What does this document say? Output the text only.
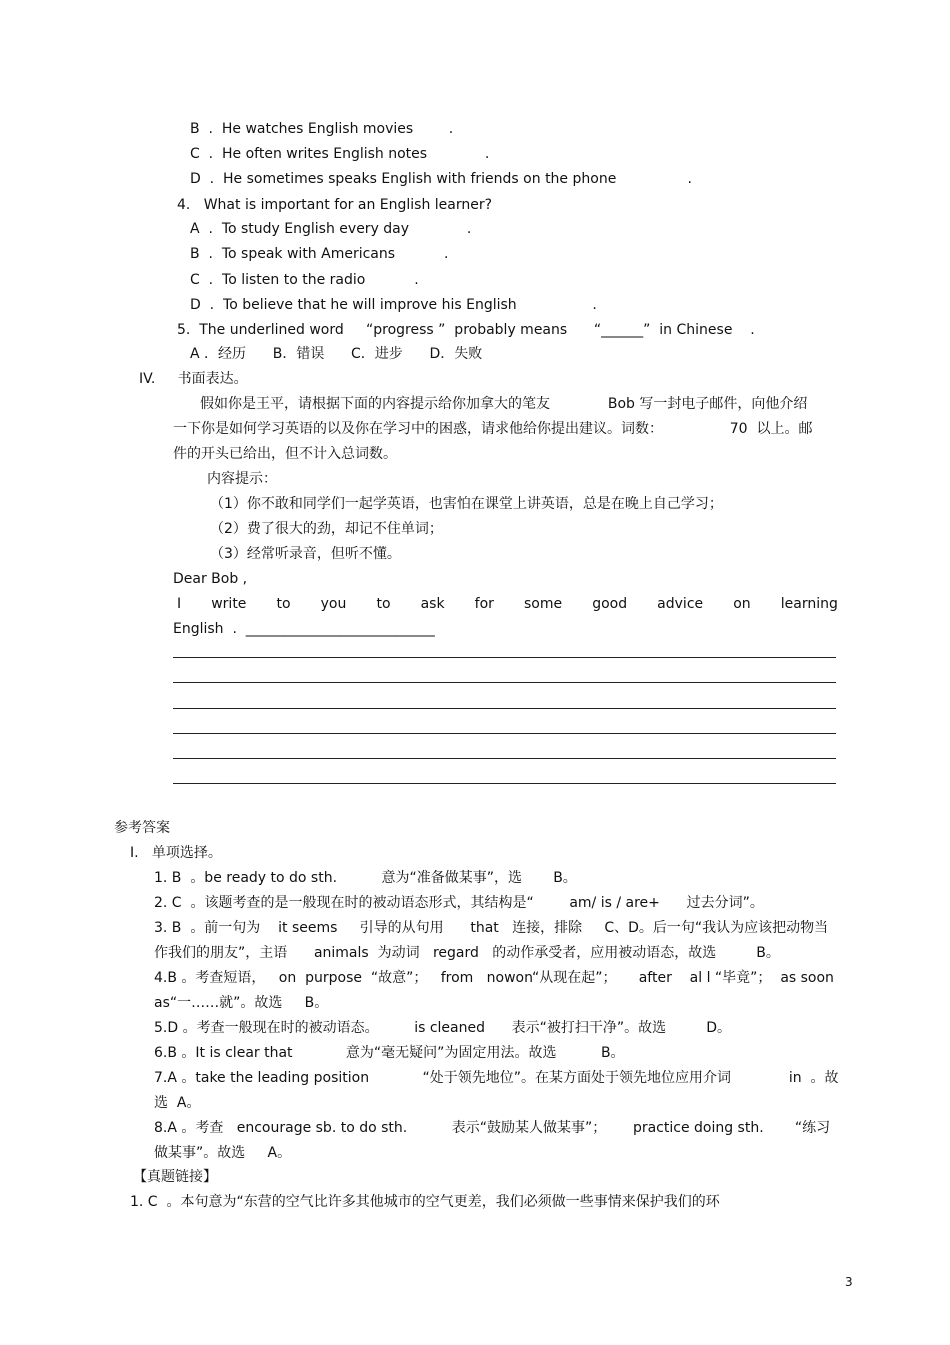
B  .  He watches English movies        .
C  .  He often writes English notes             .
D  .  He sometimes speaks English with friends on the phone                .
4.   What is important for an English learner?
A  .  To study English every day             .
B  .  To speak with Americans           .
C  .  To listen to the radio           .
D  .  To believe that he will improve his English                 .
5.  The underlined word     “progress ”  probably means      “______”  in Chinese    .
A ．经历      B．错误      C．进步      D．失败
IV.     书面表达。
假如你是王平，请根据下面的内容提示给你加拿大的笔友             Bob 写一封电子邮件，向他介绍
一下你是如何学习英语的以及你在学习中的困惑，请求他给你提出建议。词数：               70  以上。邮
件的开头已给出，但不计入总词数。
内容提示：
（1）你不敢和同学们一起学英语，也害怕在课堂上讲英语，总是在晚上自己学习；
（2）费了很大的劲，却记不住单词；
（3）经常听录音，但听不懂。
Dear Bob ,
I write to you to ask for some good advice on learning
English  .  ___________________________
参考答案
I.   单项选择。
1. B  。be ready to do sth.          意为“准备做某事”，选       B。
2. C  。该题考查的是一般现在时的被动语态形式，其结构是“        am/ is / are+      过去分词”。
3. B  。前一句为    it seems     引导的从句用      that   连接，排除     C、D。后一句“我认为应该把动物当
作我们的朋友”，主语      animals  为动词   regard   的动作承受者，应用被动语态，故选         B。
4.B 。考查短语，   on  purpose  “故意”；   from   nowon“从现在起”；     after    al l “毕竟”；  as soon
as“一……就”。故选     B。
5.D 。考查一般现在时的被动语态。        is cleaned      表示“被打扫干净”。故选         D。
6.B 。It is clear that            意为“毫无疑问”为固定用法。故选          B。
7.A 。take the leading position            “处于领先地位”。在某方面处于领先地位应用介词             in  。故
选  A。
8.A 。考查   encourage sb. to do sth.          表示“鼓励某人做某事”；      practice doing sth.       “练习
做某事”。故选     A。
【真题链接】
1. C  。本句意为“东营的空气比许多其他城市的空气更差，我们必须做一些事情来保护我们的环
3
